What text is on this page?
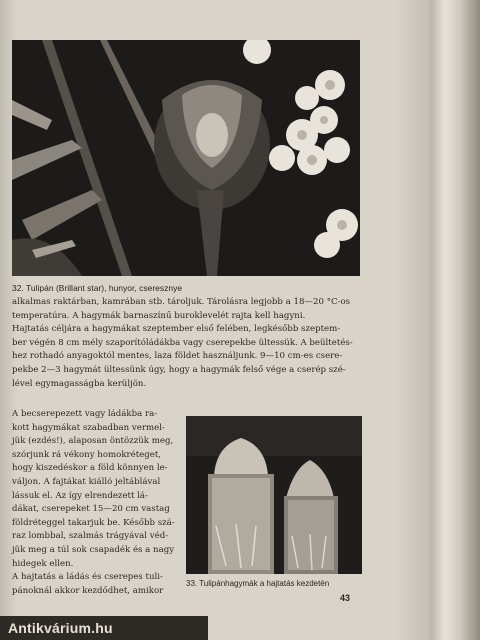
32. Tulipán (Brillant star), hunyor, cseresznye
alkalmas raktárban, kamrában stb. tároljuk. Tárolásra legjobb a 18—20 °C-os
temperatúra. A hagymák barnaszínű buroklevelét rajta kell hagyni.
Hajtatás céljára a hagymákat szeptember első felében, legkésőbb szeptem-
ber végén 8 cm mély szaporítóládákba vagy cserepekbe ültessük. A beültetés-
hez rothadó anyagoktól mentes, laza földet használjunk. 9—10 cm-es csere-
pekbe 2—3 hagymát ültessünk úgy, hogy a hagymák felső vége a cserép szé-
lével egymagasságba kerüljön.
A becserepezett vagy ládákba ra-
kott hagymákat szabadban vermel-
jük (ezdés!), alaposan öntözzük meg,
szórjunk rá vékony homokréteget,
hogy kiszedéskor a föld könnyen le-
váljon. A fajtákat kiálló jeltáblával
lássuk el. Az így elrendezett lá-
dákat, cserepeket 15—20 cm vastag
földréteggel takarjuk be. Később szá-
raz lombbal, szalmás trágyával véd-
jük meg a túl sok csapadék és a nagy
hidegek ellen.
A hajtatás a ládás és cserepes tuli-
pánoknál akkor kezdődhet, amikor
33. Tulipánhagymák a hajtatás kezdetén
43
Antikvárium.hu
